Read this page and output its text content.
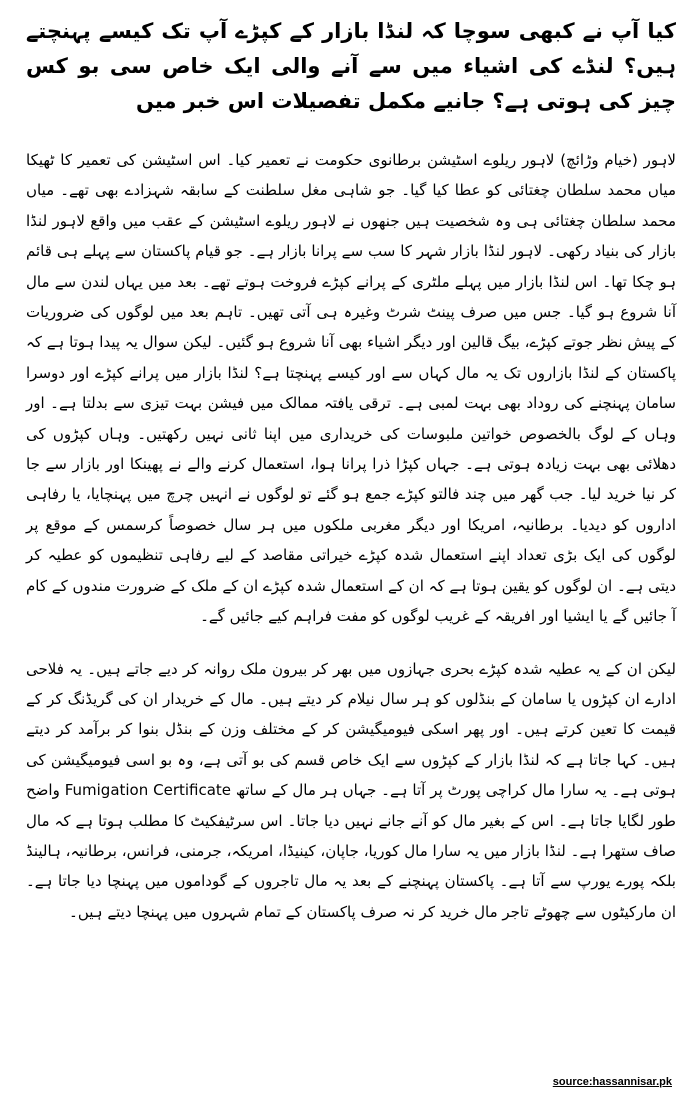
کیا آپ نے کبھی سوچا کہ لنڈا بازار کے کپڑے آپ تک کیسے پہنچتے ہیں؟ لنڈے کی اشیاء میں سے آنے والی ایک خاص سی بو کس چیز کی ہوتی ہے؟ جانیے مکمل تفصیلات اس خبر میں

لاہور (خیام وڑائچ) لاہور ریلوے اسٹیشن برطانوی حکومت نے تعمیر کیا۔ اس اسٹیشن کی تعمیر کا ٹھیکا میاں محمد سلطان چغتائی کو عطا کیا گیا۔ جو شاہی مغل سلطنت کے سابقہ شہزادے بھی تھے۔ میاں محمد سلطان چغتائی ہی وہ شخصیت ہیں جنھوں نے لاہور ریلوے اسٹیشن کے عقب میں واقع لاہور لنڈا بازار کی بنیاد رکھی۔ لاہور لنڈا بازار شہر کا سب سے پرانا بازار ہے۔ جو قیام پاکستان سے پہلے ہی قائم ہو چکا تھا۔ اس لنڈا بازار میں پہلے ملٹری کے پرانے کپڑے فروخت ہوتے تھے۔ بعد میں یہاں لندن سے مال آنا شروع ہو گیا۔ جس میں صرف پینٹ شرٹ وغیرہ ہی آتی تھیں۔ تاہم بعد میں لوگوں کی ضروریات کے پیش نظر جوتے کپڑے، بیگ قالین اور دیگر اشیاء بھی آنا شروع ہو گئیں۔ لیکن سوال یہ پیدا ہوتا ہے کہ پاکستان کے لنڈا بازاروں تک یہ مال کہاں سے اور کیسے پہنچتا ہے؟ لنڈا بازار میں پرانے کپڑے اور دوسرا سامان پہنچنے کی روداد بھی بہت لمبی ہے۔ ترقی یافتہ ممالک میں فیشن بہت تیزی سے بدلتا ہے۔ اور وہاں کے لوگ بالخصوص خواتین ملبوسات کی خریداری میں اپنا ثانی نہیں رکھتیں۔ وہاں کپڑوں کی دھلائی بھی بہت زیادہ ہوتی ہے۔ جہاں کپڑا ذرا پرانا ہوا، استعمال کرنے والے نے پھینکا اور بازار سے جا کر نیا خرید لیا۔ جب گھر میں چند فالتو کپڑے جمع ہو گئے تو لوگوں نے انہیں چرچ میں پہنچایا، یا رفاہی اداروں کو دیدیا۔ برطانیہ، امریکا اور دیگر مغربی ملکوں میں ہر سال خصوصاً کرسمس کے موقع پر لوگوں کی ایک بڑی تعداد اپنے استعمال شدہ کپڑے خیراتی مقاصد کے لیے رفاہی تنظیموں کو عطیہ کر دیتی ہے۔ ان لوگوں کو یقین ہوتا ہے کہ ان کے استعمال شدہ کپڑے ان کے ملک کے ضرورت مندوں کے کام آ جائیں گے یا ایشیا اور افریقہ کے غریب لوگوں کو مفت فراہم کیے جائیں گے۔

لیکن ان کے یہ عطیہ شدہ کپڑے بحری جہازوں میں بھر کر بیرون ملک روانہ کر دیے جاتے ہیں۔ یہ فلاحی ادارے ان کپڑوں یا سامان کے بنڈلوں کو ہر سال نیلام کر دیتے ہیں۔ مال کے خریدار ان کی گریڈنگ کر کے قیمت کا تعین کرتے ہیں۔ اور پھر اسکی فیومیگیشن کر کے مختلف وزن کے بنڈل بنوا کر برآمد کر دیتے ہیں۔ کہا جاتا ہے کہ لنڈا بازار کے کپڑوں سے ایک خاص قسم کی بو آتی ہے، وہ بو اسی فیومیگیشن کی ہوتی ہے۔ یہ سارا مال کراچی پورٹ پر آتا ہے۔ جہاں ہر مال کے ساتھ Fumigation Certificate واضح طور لگایا جاتا ہے۔ اس کے بغیر مال کو آنے جانے نہیں دیا جاتا۔ اس سرٹیفکیٹ کا مطلب ہوتا ہے کہ مال صاف ستھرا ہے۔ لنڈا بازار میں یہ سارا مال کوریا، جاپان، کینیڈا، امریکہ، جرمنی، فرانس، برطانیہ، ہالینڈ بلکہ پورے یورپ سے آتا ہے۔ پاکستان پہنچنے کے بعد یہ مال تاجروں کے گوداموں میں پہنچا دیا جاتا ہے۔ ان مارکیٹوں سے چھوٹے تاجر مال خرید کر نہ صرف پاکستان کے تمام شہروں میں پہنچا دیتے ہیں۔

source:hassannisar.pk
